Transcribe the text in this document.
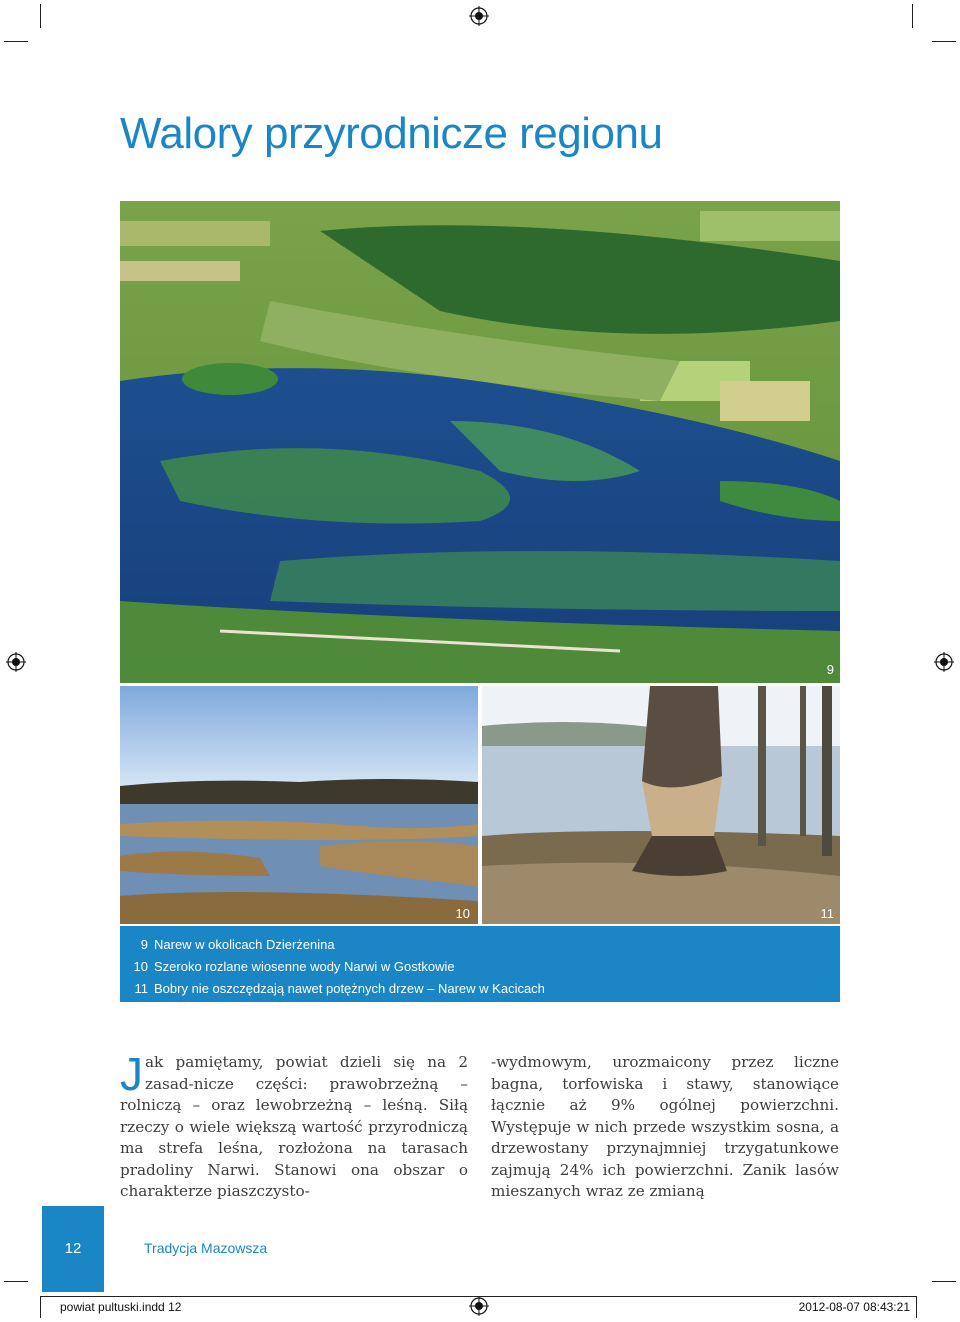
Walory przyrodnicze regionu
9
10	11
9 Narew w okolicach Dzierżenina
10 Szeroko rozlane wiosenne wody Narwi w Gostkowie
11 Bobry nie oszczędzają nawet potężnych drzew – Narew w Kacicach
Jak pamiętamy, powiat dzieli się na 2 zasad-nicze części: prawobrzeżną – rolniczą – oraz lewobrzeżną – leśną. Siłą rzeczy o wiele większą wartość przyrodniczą ma strefa leśna, rozłożona na tarasach pradoliny Narwi. Stanowi ona obszar o charakterze piaszczysto-
-wydmowym, urozmaicony przez liczne bagna, torfowiska i stawy, stanowiące łącznie aż 9% ogólnej powierzchni. Występuje w nich przede wszystkim sosna, a drzewostany przynajmniej trzygatunkowe zajmują 24% ich powierzchni. Zanik lasów mieszanych wraz ze zmianą
12	Tradycja Mazowsza
powiat pultuski.indd 12	2012-08-07 08:43:21
